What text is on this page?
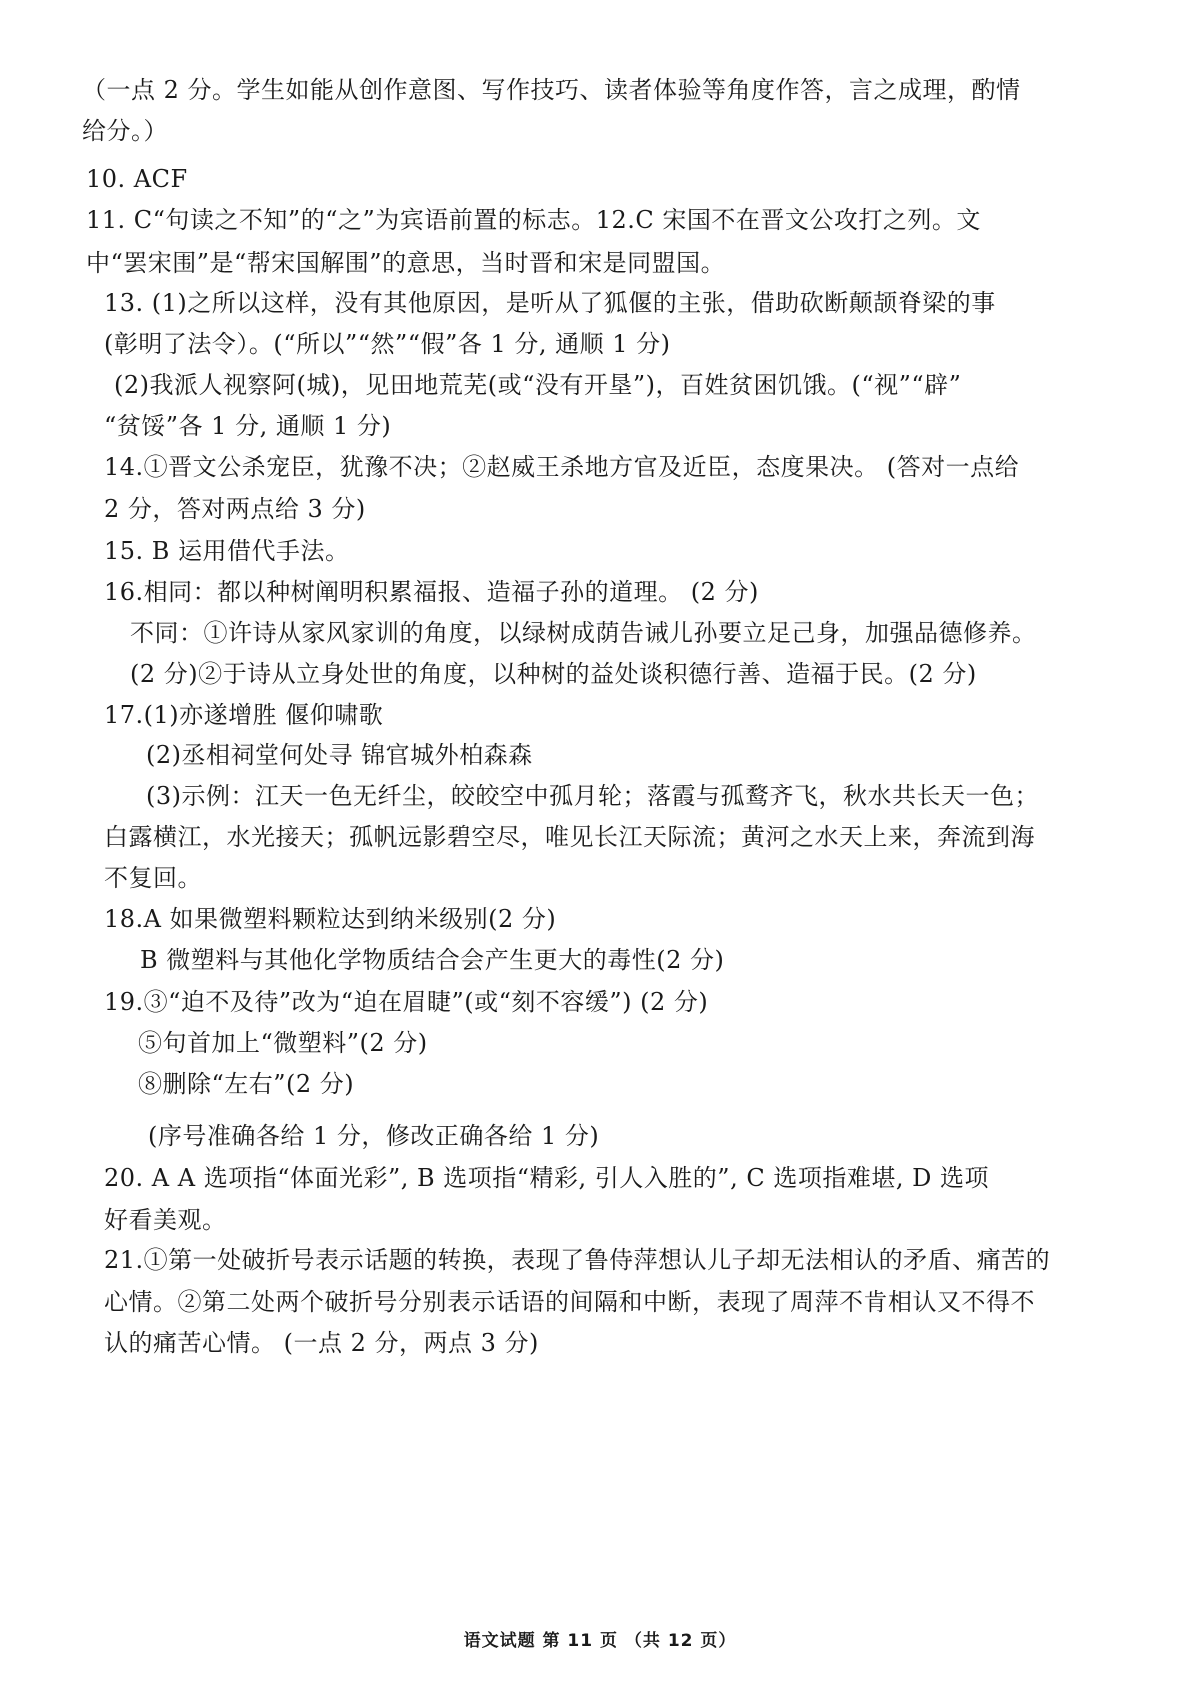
（一点 2 分。学生如能从创作意图、写作技巧、读者体验等角度作答，言之成理，酌情
给分。）
10. ACF
11. C“句读之不知”的“之”为宾语前置的标志。12.C 宋国不在晋文公攻打之列。文
中“罢宋围”是“帮宋国解围”的意思，当时晋和宋是同盟国。
13. (1)之所以这样，没有其他原因，是听从了狐偃的主张，借助砍断颠颉脊梁的事
(彰明了法令）。(“所以”“然”“假”各 1 分, 通顺 1 分)
(2)我派人视察阿(城)，见田地荒芜(或“没有开垦”)，百姓贫困饥饿。(“视”“辟”
“贫馁”各 1 分, 通顺 1 分)
14.①晋文公杀宠臣，犹豫不决；②赵威王杀地方官及近臣，态度果决。 (答对一点给
2 分，答对两点给 3 分)
15. B 运用借代手法。
16.相同：都以种树阐明积累福报、造福子孙的道理。 (2 分)
不同：①许诗从家风家训的角度，以绿树成荫告诫儿孙要立足己身，加强品德修养。
(2 分)②于诗从立身处世的角度，以种树的益处谈积德行善、造福于民。(2 分)
17.(1)亦遂增胜 偃仰啸歌
(2)丞相祠堂何处寻 锦官城外柏森森
(3)示例：江天一色无纤尘，皎皎空中孤月轮；落霞与孤鹜齐飞，秋水共长天一色；
白露横江，水光接天；孤帆远影碧空尽，唯见长江天际流；黄河之水天上来，奔流到海
不复回。
18.A 如果微塑料颗粒达到纳米级别(2 分)
B 微塑料与其他化学物质结合会产生更大的毒性(2 分)
19.③“迫不及待”改为“迫在眉睫”(或“刻不容缓”) (2 分)
⑤句首加上“微塑料”(2 分)
⑧删除“左右”(2 分)
(序号准确各给 1 分，修改正确各给 1 分)
20. A A 选项指“体面光彩”, B 选项指“精彩, 引人入胜的”, C 选项指难堪, D 选项
好看美观。
21.①第一处破折号表示话题的转换，表现了鲁侍萍想认儿子却无法相认的矛盾、痛苦的
心情。②第二处两个破折号分别表示话语的间隔和中断，表现了周萍不肯相认又不得不
认的痛苦心情。 (一点 2 分，两点 3 分)
语文试题 第 11 页 （共 12 页）
